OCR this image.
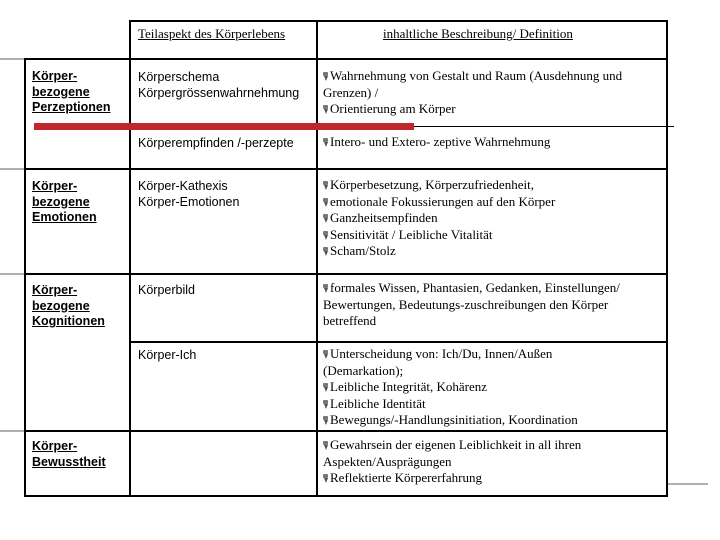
Teilaspekt des Körperlebens	inhaltliche Beschreibung/ Definition
Körper-
bezogene
Perzeptionen
Körper-
bezogene
Emotionen
Körper-
bezogene
Kognitionen
Körper-
Bewusstheit
Körperschema
Körpergrössenwahrnehmung
Körperempfinden /-perzepte
Körper-Kathexis
Körper-Emotionen
Körperbild
Körper-Ich
Wahrnehmung von Gestalt und Raum (Ausdehnung und
Grenzen) /
Orientierung am Körper
Intero- und Extero- zeptive Wahrnehmung
Körperbesetzung, Körperzufriedenheit,
emotionale Fokussierungen auf den Körper
Ganzheitsempfinden
Sensitivität / Leibliche Vitalität
Scham/Stolz
formales Wissen, Phantasien, Gedanken, Einstellungen/
Bewertungen, Bedeutungs-zuschreibungen den Körper
betreffend
Unterscheidung von: Ich/Du, Innen/Außen
(Demarkation);
Leibliche Integrität, Kohärenz
Leibliche Identität
Bewegungs/-Handlungsinitiation, Koordination
Gewahrsein der eigenen Leiblichkeit in all ihren
Aspekten/Ausprägungen
Reflektierte Körpererfahrung
